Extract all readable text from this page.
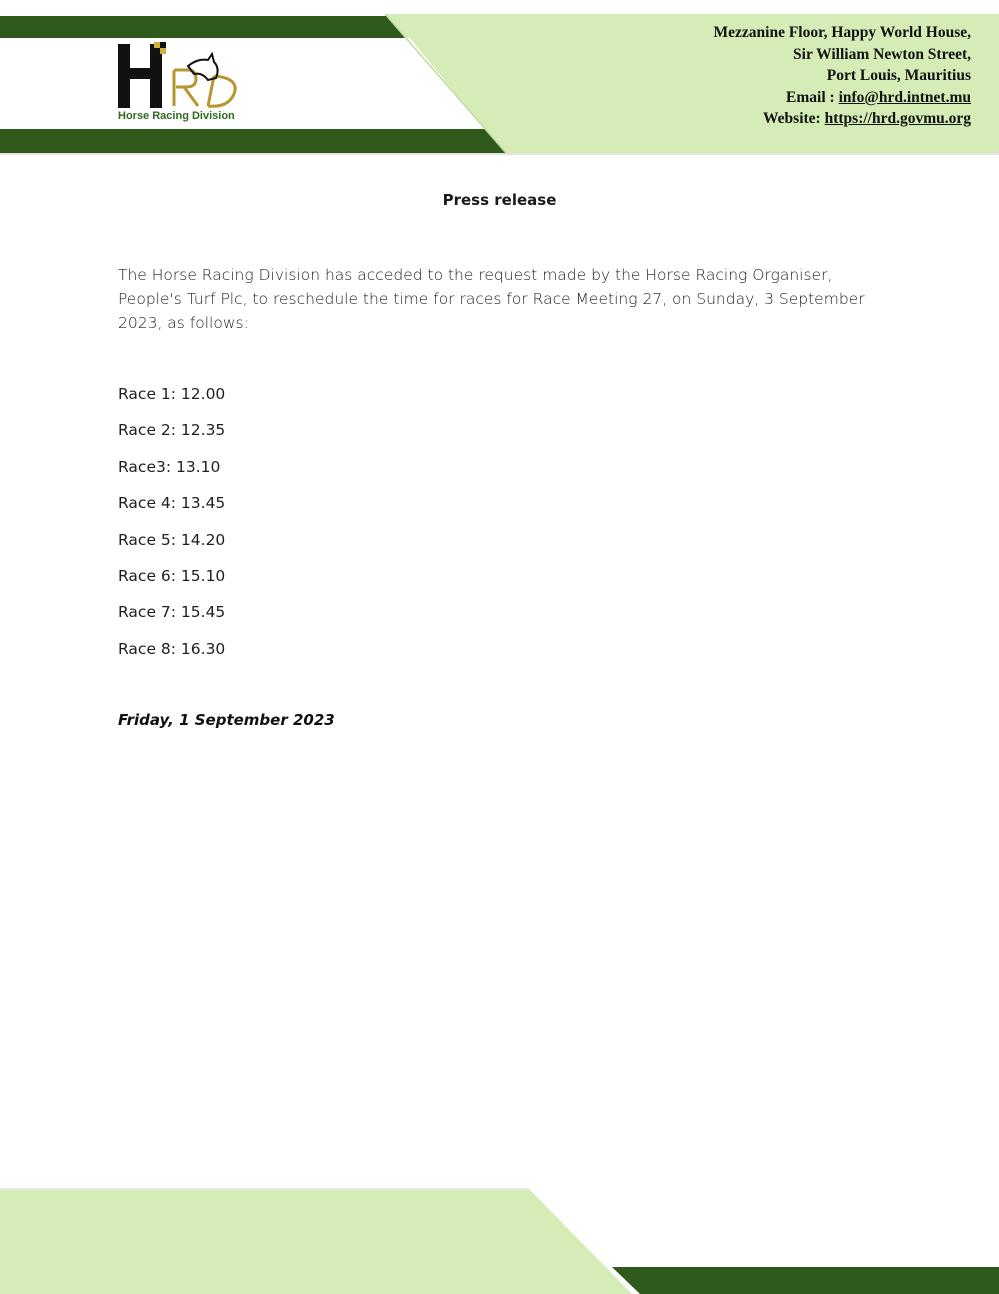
Horse Racing Division
Mezzanine Floor, Happy World House,
Sir William Newton Street,
Port Louis, Mauritius
Email : info@hrd.intnet.mu
Website: https://hrd.govmu.org
Press release
The Horse Racing Division has acceded to the request made by the Horse Racing Organiser, People's Turf Plc, to reschedule the time for races for Race Meeting 27, on Sunday, 3 September 2023, as follows:
Race 1: 12.00
Race 2: 12.35
Race3: 13.10
Race 4: 13.45
Race 5: 14.20
Race 6: 15.10
Race 7: 15.45
Race 8: 16.30
Friday, 1 September 2023
